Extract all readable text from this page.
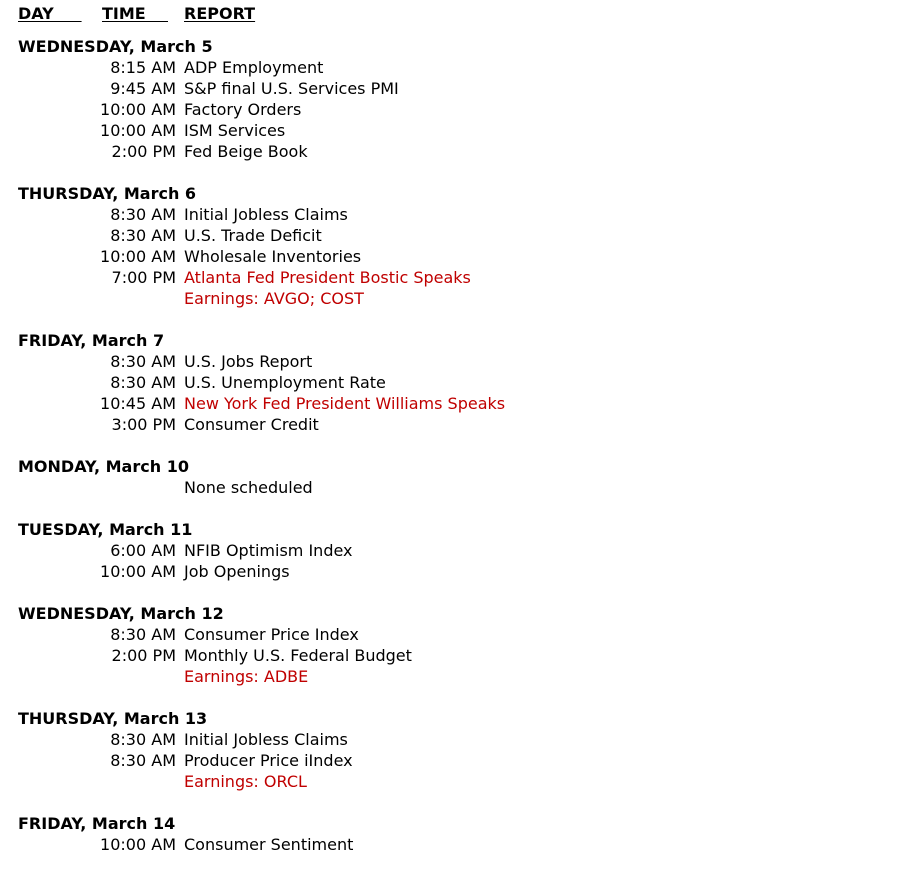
DAY TIME REPORT
WEDNESDAY, March 5
8:15 AM ADP Employment
9:45 AM S&P final U.S. Services PMI
10:00 AM Factory Orders
10:00 AM ISM Services
2:00 PM Fed Beige Book
THURSDAY, March 6
8:30 AM Initial Jobless Claims
8:30 AM U.S. Trade Deficit
10:00 AM Wholesale Inventories
7:00 PM Atlanta Fed President Bostic Speaks
Earnings: AVGO; COST
FRIDAY, March 7
8:30 AM U.S. Jobs Report
8:30 AM U.S. Unemployment Rate
10:45 AM New York Fed President Williams Speaks
3:00 PM Consumer Credit
MONDAY, March 10
None scheduled
TUESDAY, March 11
6:00 AM NFIB Optimism Index
10:00 AM Job Openings
WEDNESDAY, March 12
8:30 AM Consumer Price Index
2:00 PM Monthly U.S. Federal Budget
Earnings: ADBE
THURSDAY, March 13
8:30 AM Initial Jobless Claims
8:30 AM Producer Price iIndex
Earnings: ORCL
FRIDAY, March 14
10:00 AM Consumer Sentiment
